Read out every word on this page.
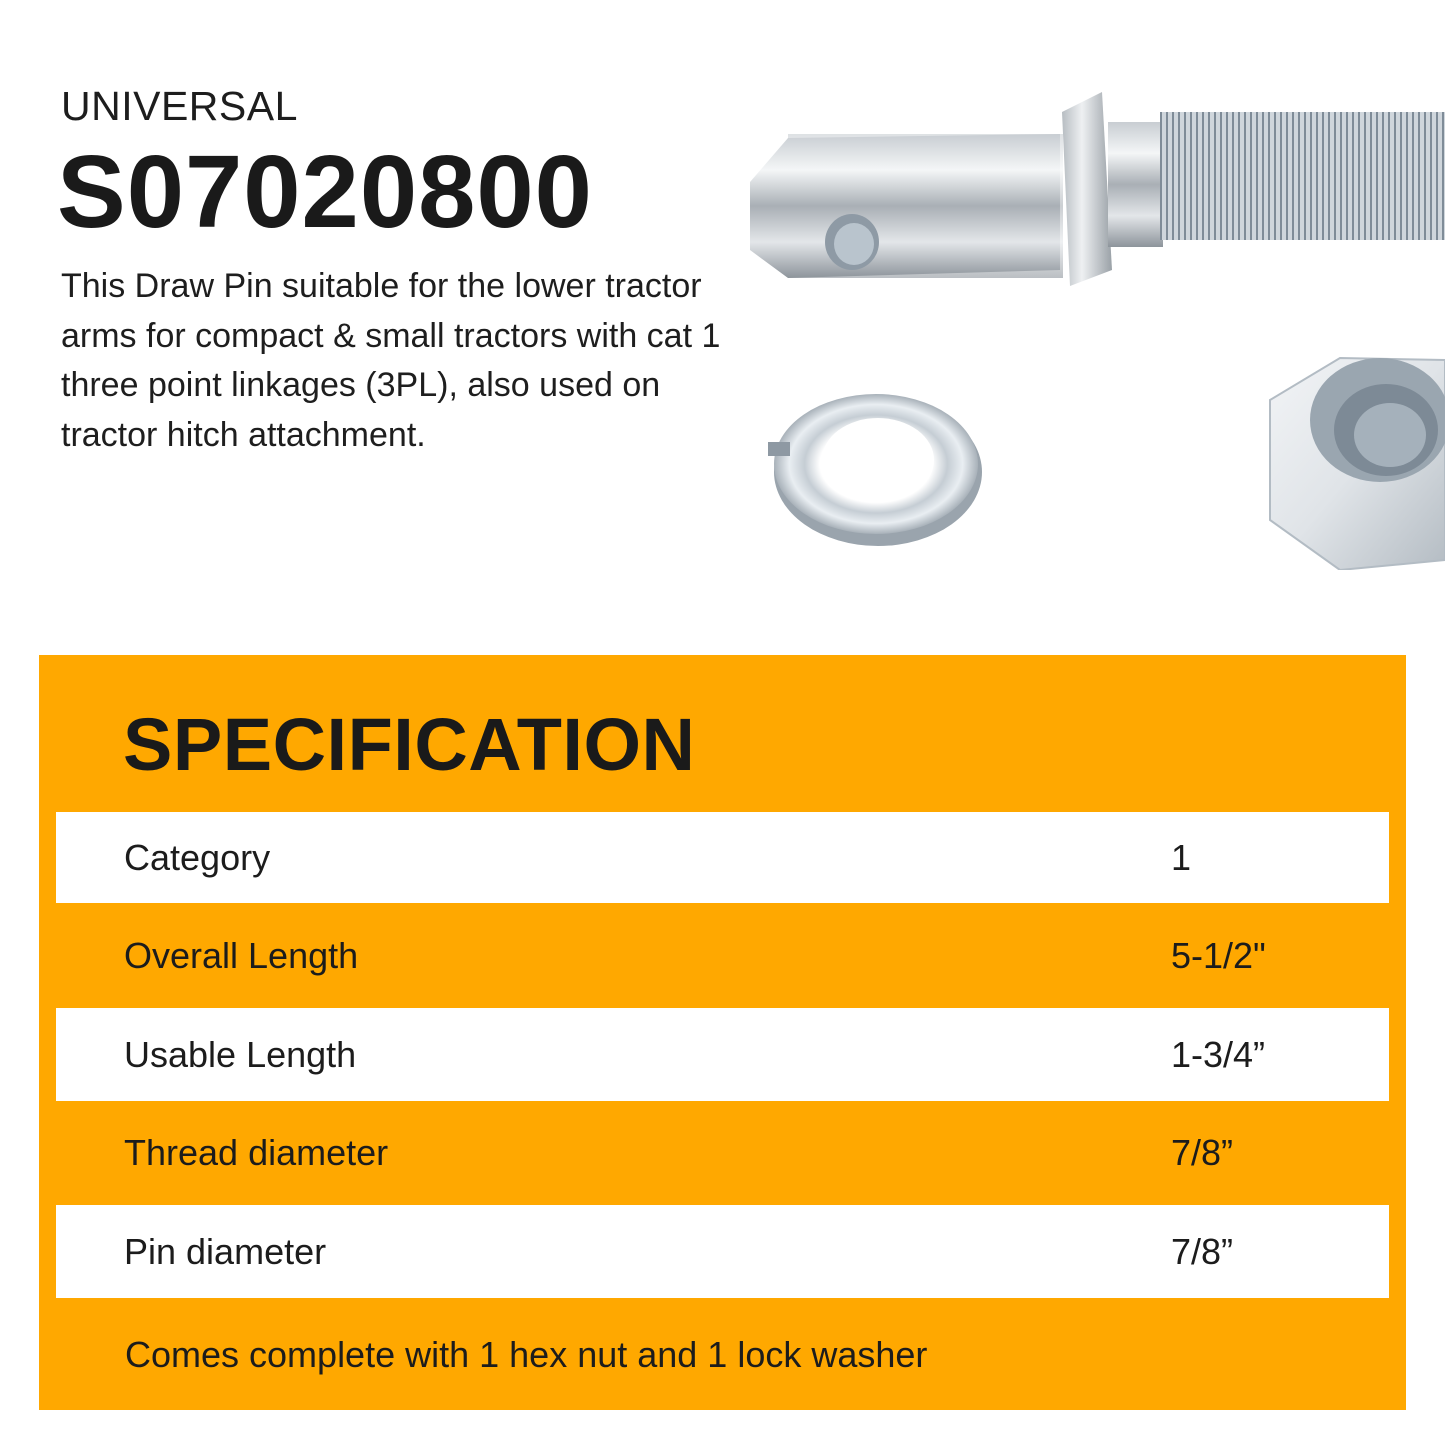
UNIVERSAL
S07020800
This Draw Pin suitable for the lower tractor arms for compact & small tractors with cat 1 three point linkages (3PL), also used on tractor hitch attachment.
SPECIFICATION
Category	1
Overall Length	5-1/2"
Usable Length	1-3/4”
Thread diameter	7/8”
Pin diameter	7/8”
Comes complete with 1 hex nut and 1 lock washer
